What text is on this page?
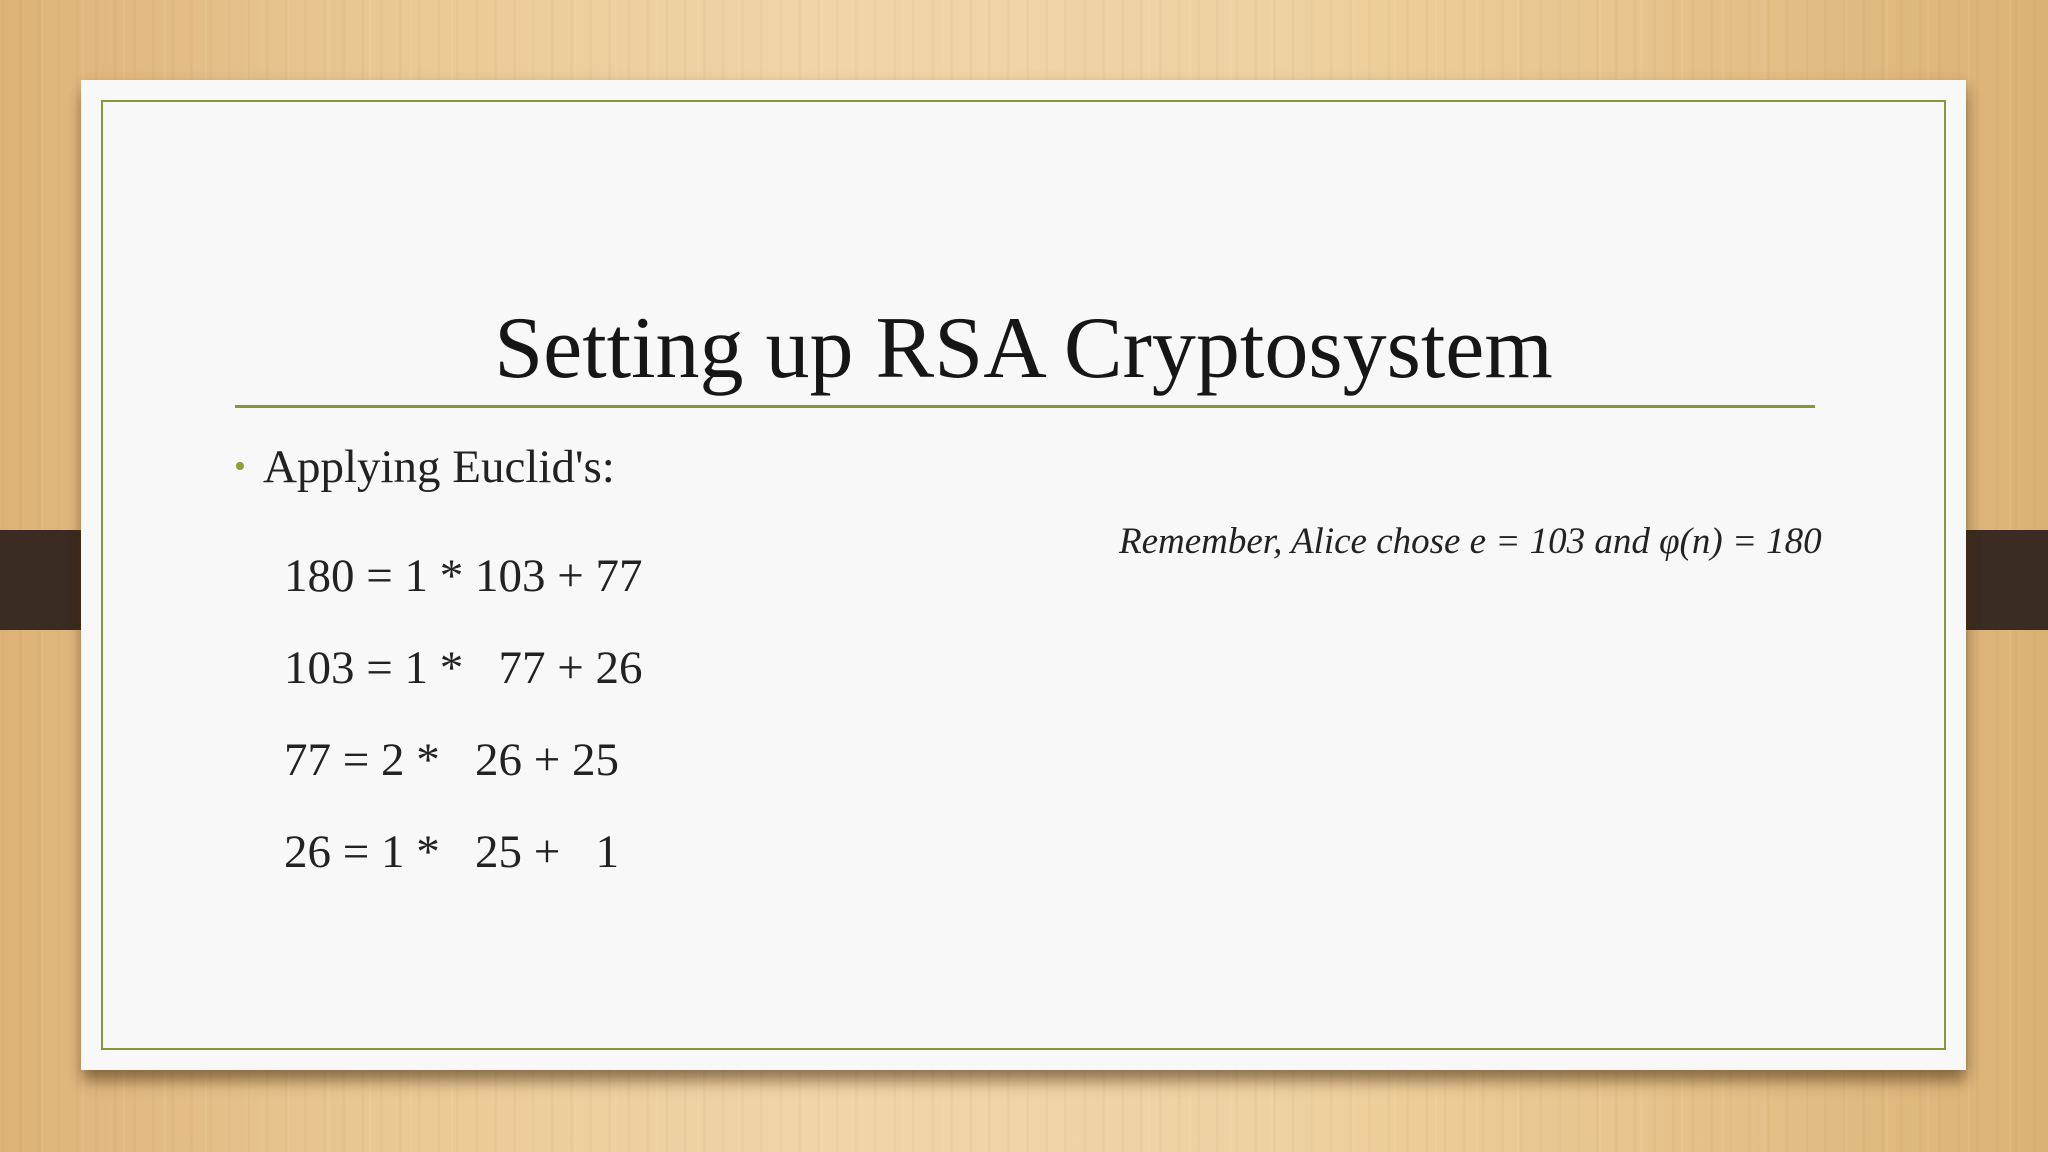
Setting up RSA Cryptosystem
• Applying Euclid's:
180 = 1 * 103 + 77
103 = 1 *   77 + 26
77 = 2 *   26 + 25
26 = 1 *   25 +   1
Remember, Alice chose e = 103 and φ(n) = 180
